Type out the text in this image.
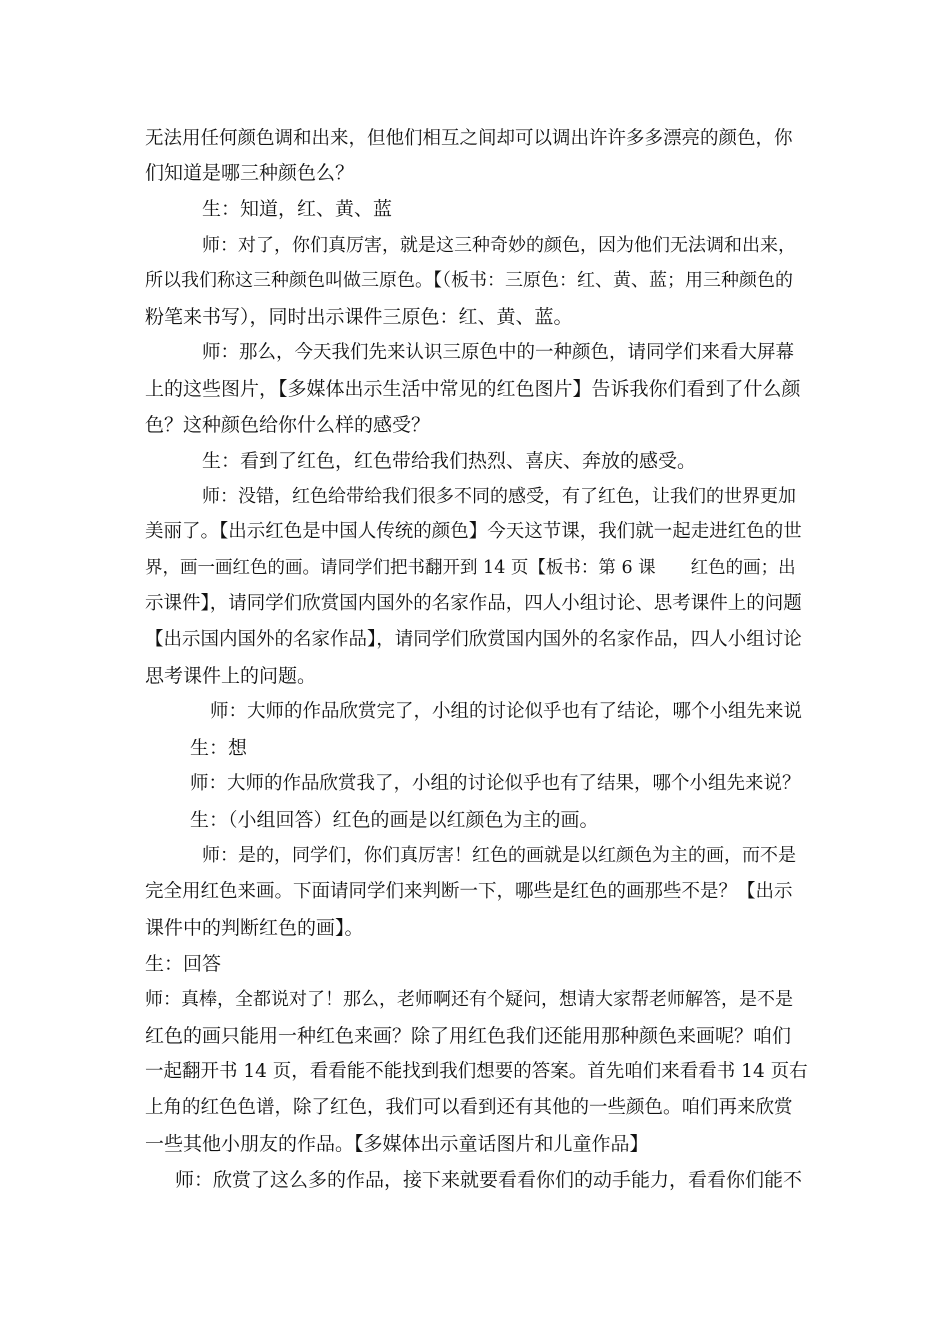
无法用任何颜色调和出来，但他们相互之间却可以调出许许多多漂亮的颜色，你
们知道是哪三种颜色么？
生：知道，红、黄、蓝
师：对了，你们真厉害，就是这三种奇妙的颜色，因为他们无法调和出来，
所以我们称这三种颜色叫做三原色。【（板书：三原色：红、黄、蓝；用三种颜色的
粉笔来书写），同时出示课件三原色：红、黄、蓝。
师：那么，今天我们先来认识三原色中的一种颜色，请同学们来看大屏幕
上的这些图片，【多媒体出示生活中常见的红色图片】告诉我你们看到了什么颜
色？这种颜色给你什么样的感受？
生：看到了红色，红色带给我们热烈、喜庆、奔放的感受。
师：没错，红色给带给我们很多不同的感受，有了红色，让我们的世界更加
美丽了。【出示红色是中国人传统的颜色】今天这节课，我们就一起走进红色的世
界，画一画红色的画。请同学们把书翻开到 14 页【板书：第 6 课　　红色的画；出
示课件】，请同学们欣赏国内国外的名家作品，四人小组讨论、思考课件上的问题
【出示国内国外的名家作品】，请同学们欣赏国内国外的名家作品，四人小组讨论
思考课件上的问题。
师：大师的作品欣赏完了，小组的讨论似乎也有了结论，哪个小组先来说
生：想
师：大师的作品欣赏我了，小组的讨论似乎也有了结果，哪个小组先来说？
生：（小组回答）红色的画是以红颜色为主的画。
师：是的，同学们，你们真厉害！红色的画就是以红颜色为主的画，而不是
完全用红色来画。下面请同学们来判断一下，哪些是红色的画那些不是？【出示
课件中的判断红色的画】。
生：回答
师：真棒，全都说对了！那么，老师啊还有个疑问，想请大家帮老师解答，是不是
红色的画只能用一种红色来画？除了用红色我们还能用那种颜色来画呢？咱们
一起翻开书 14 页，看看能不能找到我们想要的答案。首先咱们来看看书 14 页右
上角的红色色谱，除了红色，我们可以看到还有其他的一些颜色。咱们再来欣赏
一些其他小朋友的作品。【多媒体出示童话图片和儿童作品】
师：欣赏了这么多的作品，接下来就要看看你们的动手能力，看看你们能不
